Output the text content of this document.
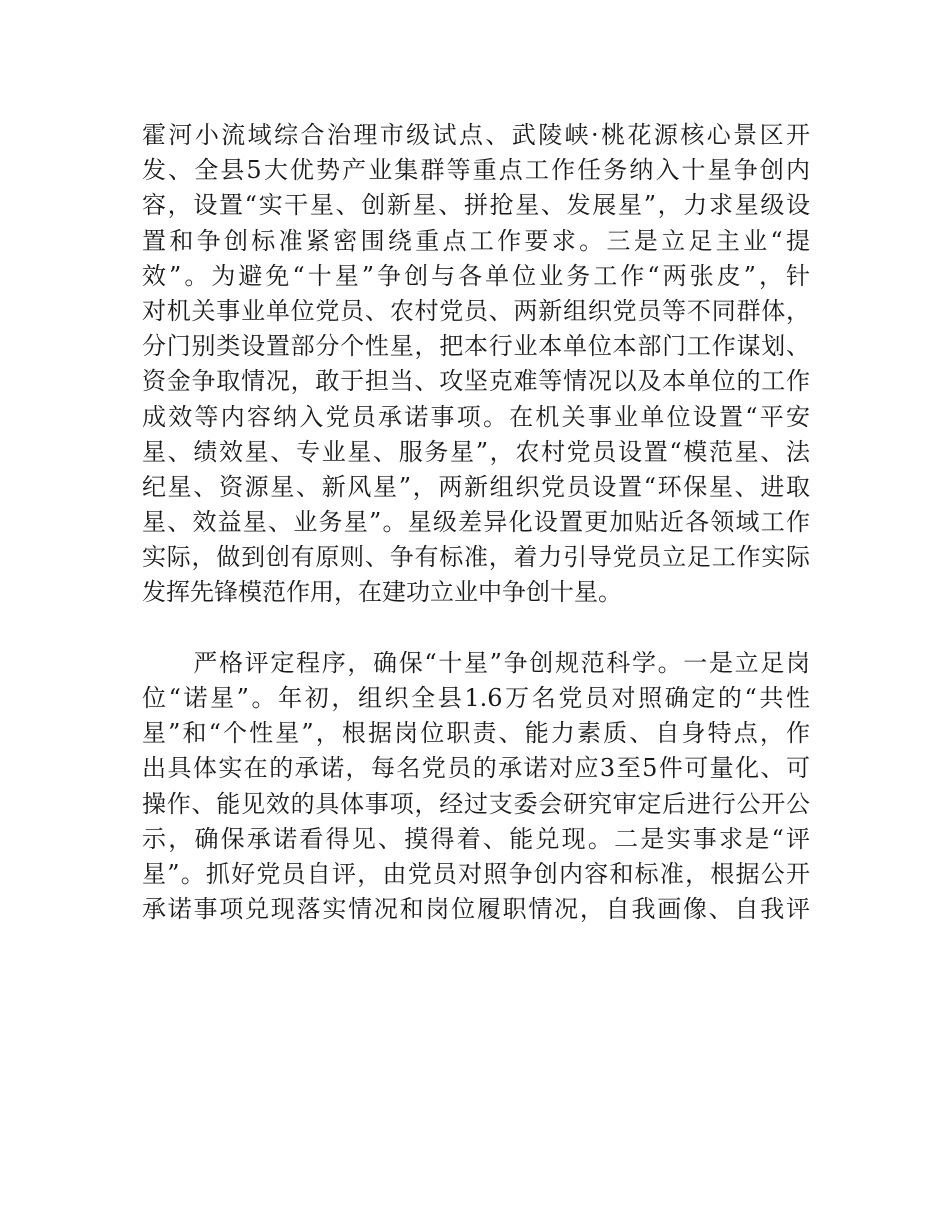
霍河小流域综合治理市级试点、武陵峡·桃花源核心景区开
发、全县5大优势产业集群等重点工作任务纳入十星争创内
容，设置“实干星、创新星、拼抢星、发展星”，力求星级设
置和争创标准紧密围绕重点工作要求。三是立足主业“提
效”。为避免“十星”争创与各单位业务工作“两张皮”，针
对机关事业单位党员、农村党员、两新组织党员等不同群体，
分门别类设置部分个性星，把本行业本单位本部门工作谋划、
资金争取情况，敢于担当、攻坚克难等情况以及本单位的工作
成效等内容纳入党员承诺事项。在机关事业单位设置“平安
星、绩效星、专业星、服务星”，农村党员设置“模范星、法
纪星、资源星、新风星”，两新组织党员设置“环保星、进取
星、效益星、业务星”。星级差异化设置更加贴近各领域工作
实际，做到创有原则、争有标准，着力引导党员立足工作实际
发挥先锋模范作用，在建功立业中争创十星。
　　严格评定程序，确保“十星”争创规范科学。一是立足岗
位“诺星”。年初，组织全县1.6万名党员对照确定的“共性
星”和“个性星”，根据岗位职责、能力素质、自身特点，作
出具体实在的承诺，每名党员的承诺对应3至5件可量化、可
操作、能见效的具体事项，经过支委会研究审定后进行公开公
示，确保承诺看得见、摸得着、能兑现。二是实事求是“评
星”。抓好党员自评，由党员对照争创内容和标准，根据公开
承诺事项兑现落实情况和岗位履职情况，自我画像、自我评
